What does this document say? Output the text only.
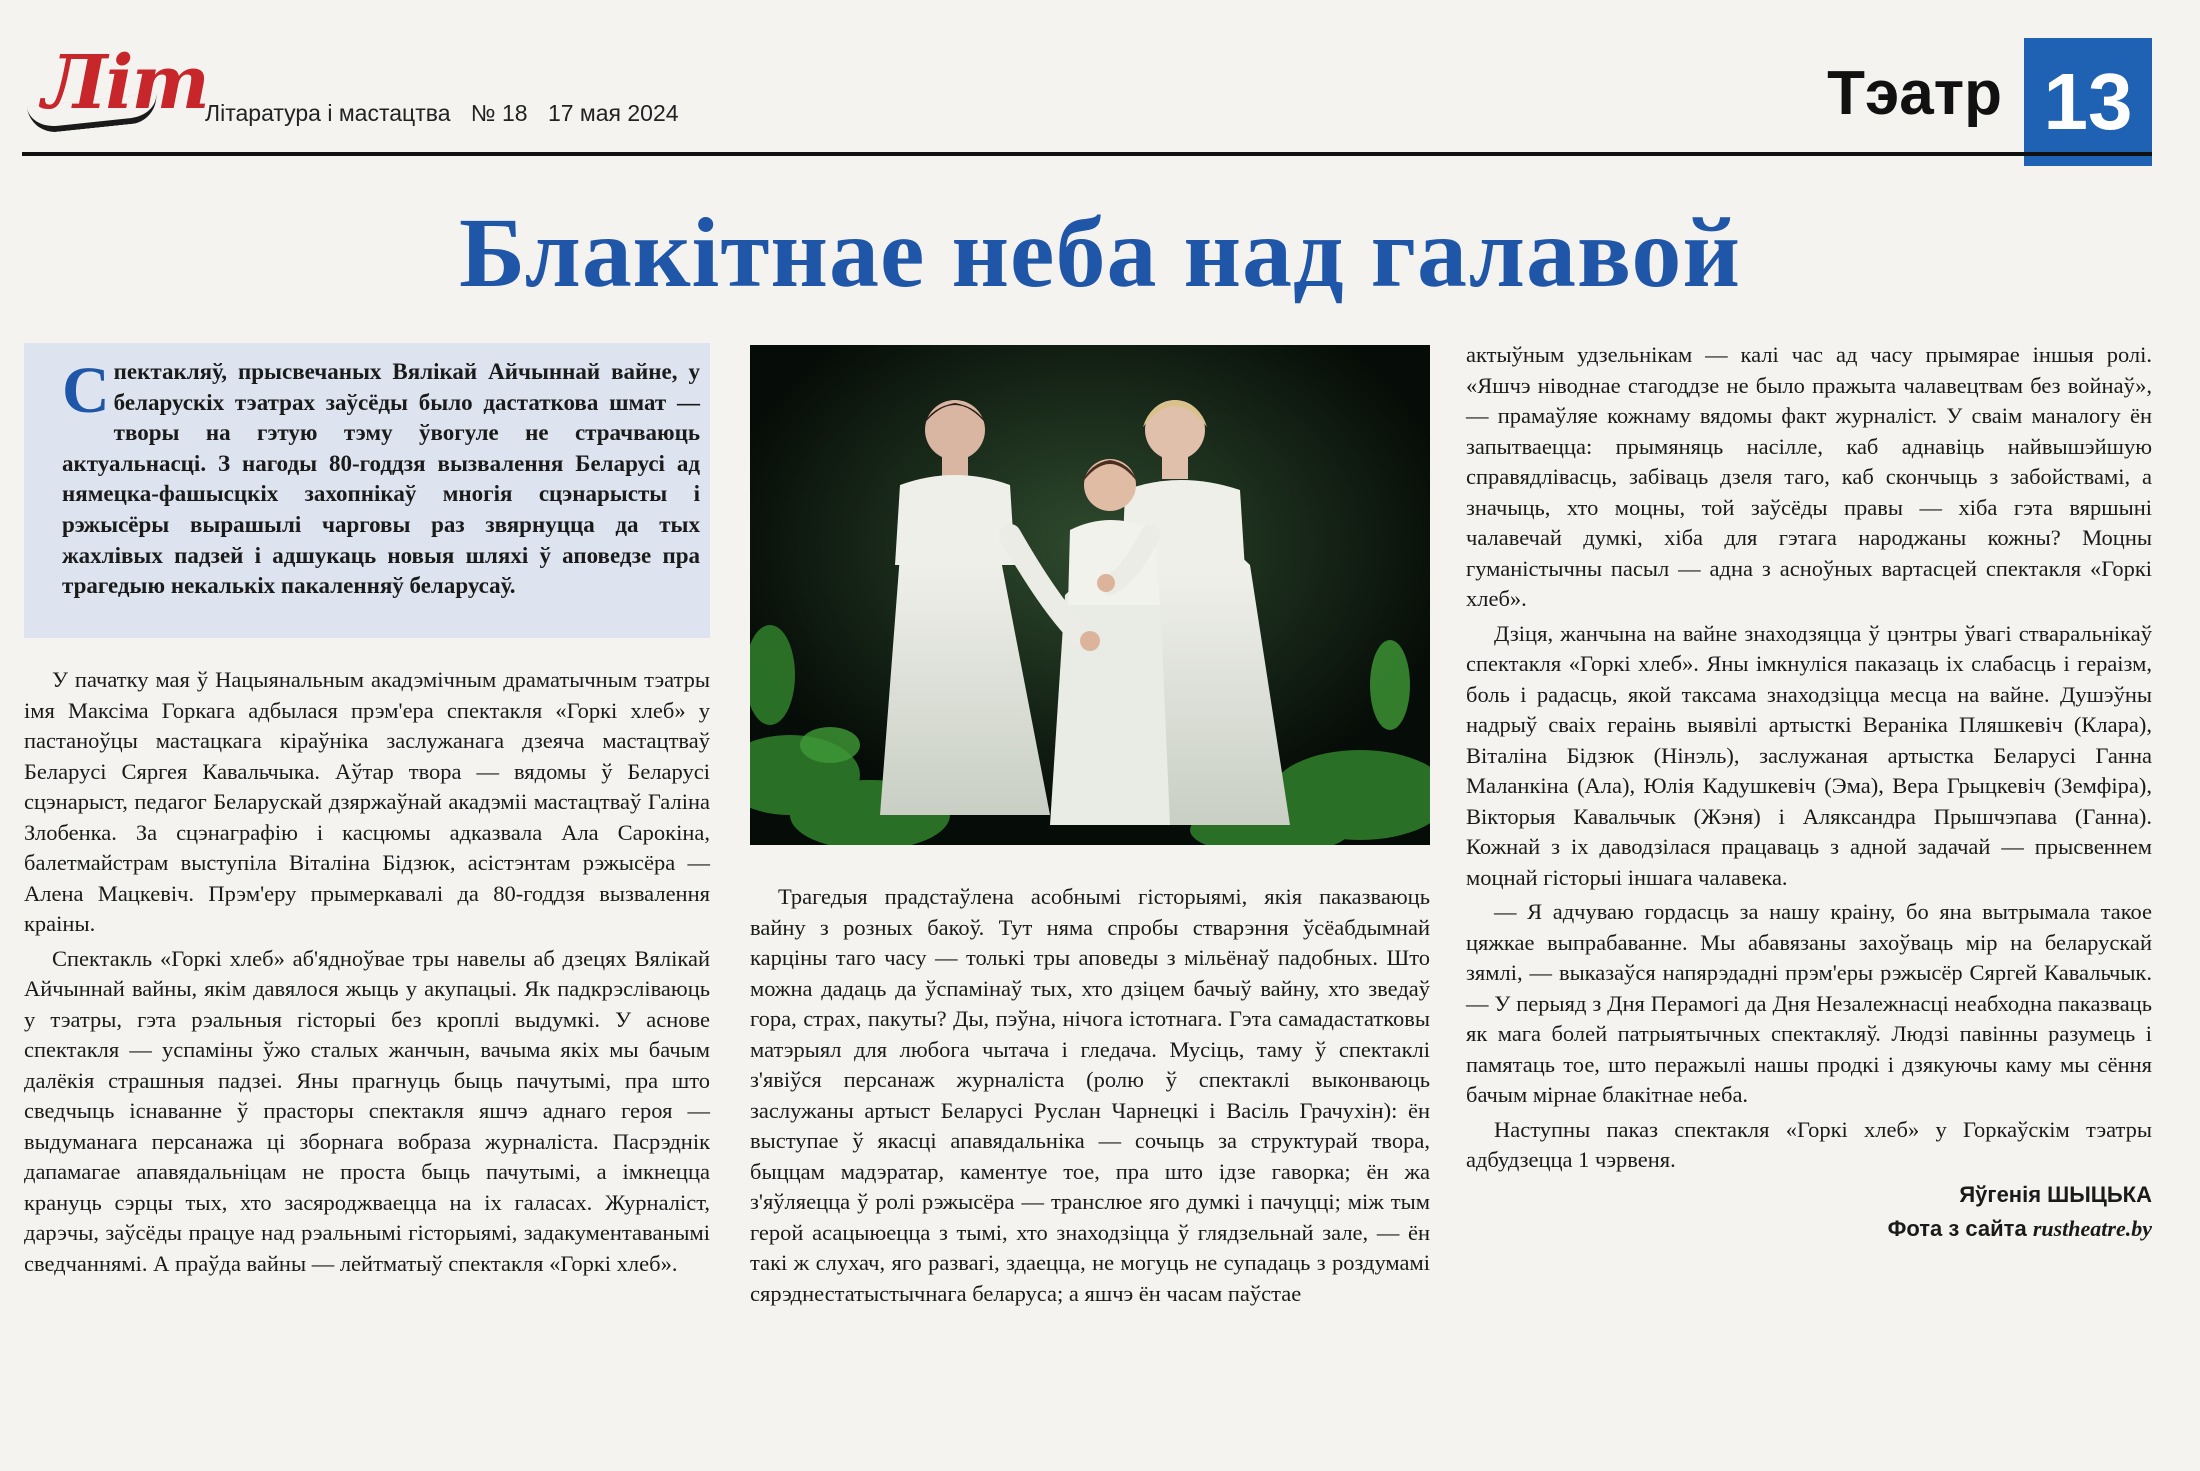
Ліm
Літаратура і мастацтва № 18 17 мая 2024	Тэатр 13
Блакітнае неба над галавой

Спектакляў, прысвечаных Вялікай Айчыннай вайне, у беларускіх тэатрах заўсёды было дастаткова шмат — творы на гэтую тэму ўвогуле не страчваюць актуальнасці. З нагоды 80-годдзя вызвалення Беларусі ад нямецка-фашысцкіх захопнікаў многія сцэнарысты і рэжысёры вырашылі чарговы раз звярнуцца да тых жахлівых падзей і адшукаць новыя шляхі ў аповедзе пра трагедыю некалькіх пакаленняў беларусаў.

У пачатку мая ў Нацыянальным акадэмічным драматычным тэатры імя Максіма Горкага адбылася прэм'ера спектакля «Горкі хлеб» у пастаноўцы мастацкага кіраўніка заслужанага дзеяча мастацтваў Беларусі Сяргея Кавальчыка. Аўтар твора — вядомы ў Беларусі сцэнарыст, педагог Беларускай дзяржаўнай акадэміі мастацтваў Галіна Злобенка. За сцэнаграфію і касцюмы адказвала Ала Сарокіна, балетмайстрам выступіла Віталіна Бідзюк, асістэнтам рэжысёра — Алена Мацкевіч. Прэм'еру прымеркавалі да 80-годдзя вызвалення краіны.

Спектакль «Горкі хлеб» аб'ядноўвае тры навелы аб дзецях Вялікай Айчыннай вайны, якім давялося жыць у акупацыі. Як падкрэсліваюць у тэатры, гэта рэальныя гісторыі без кроплі выдумкі. У аснове спектакля — успаміны ўжо сталых жанчын, вачыма якіх мы бачым далёкія страшныя падзеі. Яны прагнуць быць пачутымі, пра што сведчыць існаванне ў прасторы спектакля яшчэ аднаго героя — выдуманага персанажа ці зборнага вобраза журналіста. Пасрэднік дапамагае апавядальніцам не проста быць пачутымі, а імкнецца крануць сэрцы тых, хто засяроджваецца на іх галасах. Журналіст, дарэчы, заўсёды працуе над рэальнымі гісторыямі, задакументаванымі сведчаннямі. А праўда вайны — лейтматыў спектакля «Горкі хлеб».

Трагедыя прадстаўлена асобнымі гісторыямі, якія паказваюць вайну з розных бакоў. Тут няма спробы стварэння ўсёабдымнай карціны таго часу — толькі тры аповеды з мільёнаў падобных. Што можна дадаць да ўспамінаў тых, хто дзіцем бачыў вайну, хто зведаў гора, страх, пакуты? Ды, пэўна, нічога істотнага. Гэта самадастатковы матэрыял для любога чытача і гледача. Мусіць, таму ў спектаклі з'явіўся персанаж журналіста (ролю ў спектаклі выконваюць заслужаны артыст Беларусі Руслан Чарнецкі і Васіль Грачухін): ён выступае ў якасці апавядальніка — сочыць за структурай твора, быццам мадэратар, каментуе тое, пра што ідзе гаворка; ён жа з'яўляецца ў ролі рэжысёра — транслюе яго думкі і пачуцці; між тым герой асацыюецца з тымі, хто знаходзіцца ў глядзельнай зале, — ён такі ж слухач, яго развагі, здаецца, не могуць не супадаць з роздумамі сярэднестатыстычнага беларуса; а яшчэ ён часам паўстае

актыўным удзельнікам — калі час ад часу прымярае іншыя ролі. «Яшчэ ніводнае стагоддзе не было пражыта чалавецтвам без войнаў», — прамаўляе кожнаму вядомы факт журналіст. У сваім маналогу ён запытваецца: прымяняць насілле, каб аднавіць найвышэйшую справядлівасць, забіваць дзеля таго, каб скончыць з забойствамі, а значыць, хто моцны, той заўсёды правы — хіба гэта вяршыні чалавечай думкі, хіба для гэтага народжаны кожны? Моцны гуманістычны пасыл — адна з асноўных вартасцей спектакля «Горкі хлеб».

Дзіця, жанчына на вайне знаходзяцца ў цэнтры ўвагі стваральнікаў спектакля «Горкі хлеб». Яны імкнуліся паказаць іх слабасць і гераізм, боль і радасць, якой таксама знаходзіцца месца на вайне. Душэўны надрыў сваіх гераінь выявілі артысткі Веранiка Пляшкевіч (Клара), Віталіна Бідзюк (Нінэль), заслужаная артыстка Беларусі Ганна Маланкіна (Ала), Юлія Кадушкевіч (Эма), Вера Грыцкевіч (Земфіра), Вікторыя Кавальчык (Жэня) і Аляксандра Прышчэпава (Ганна). Кожнай з іх даводзілася працаваць з адной задачай — прысвеннем моцнай гісторыі іншага чалавека.

— Я адчуваю гордасць за нашу краіну, бо яна вытрымала такое цяжкае выпрабаванне. Мы абавязаны захоўваць мір на беларускай зямлі, — выказаўся напярэдадні прэм'еры рэжысёр Сяргей Кавальчык. — У перыяд з Дня Перамогі да Дня Незалежнасці неабходна паказваць як мага болей патрыятычных спектакляў. Людзі павінны разумець і памятаць тое, што перажылі нашы продкі і дзякуючы каму мы сёння бачым мірнае блакітнае неба.

Наступны паказ спектакля «Горкі хлеб» у Горкаўскім тэатры адбудзецца 1 чэрвеня.

Яўгенія ШЫЦЬКА

Фота з сайта rustheatre.by
